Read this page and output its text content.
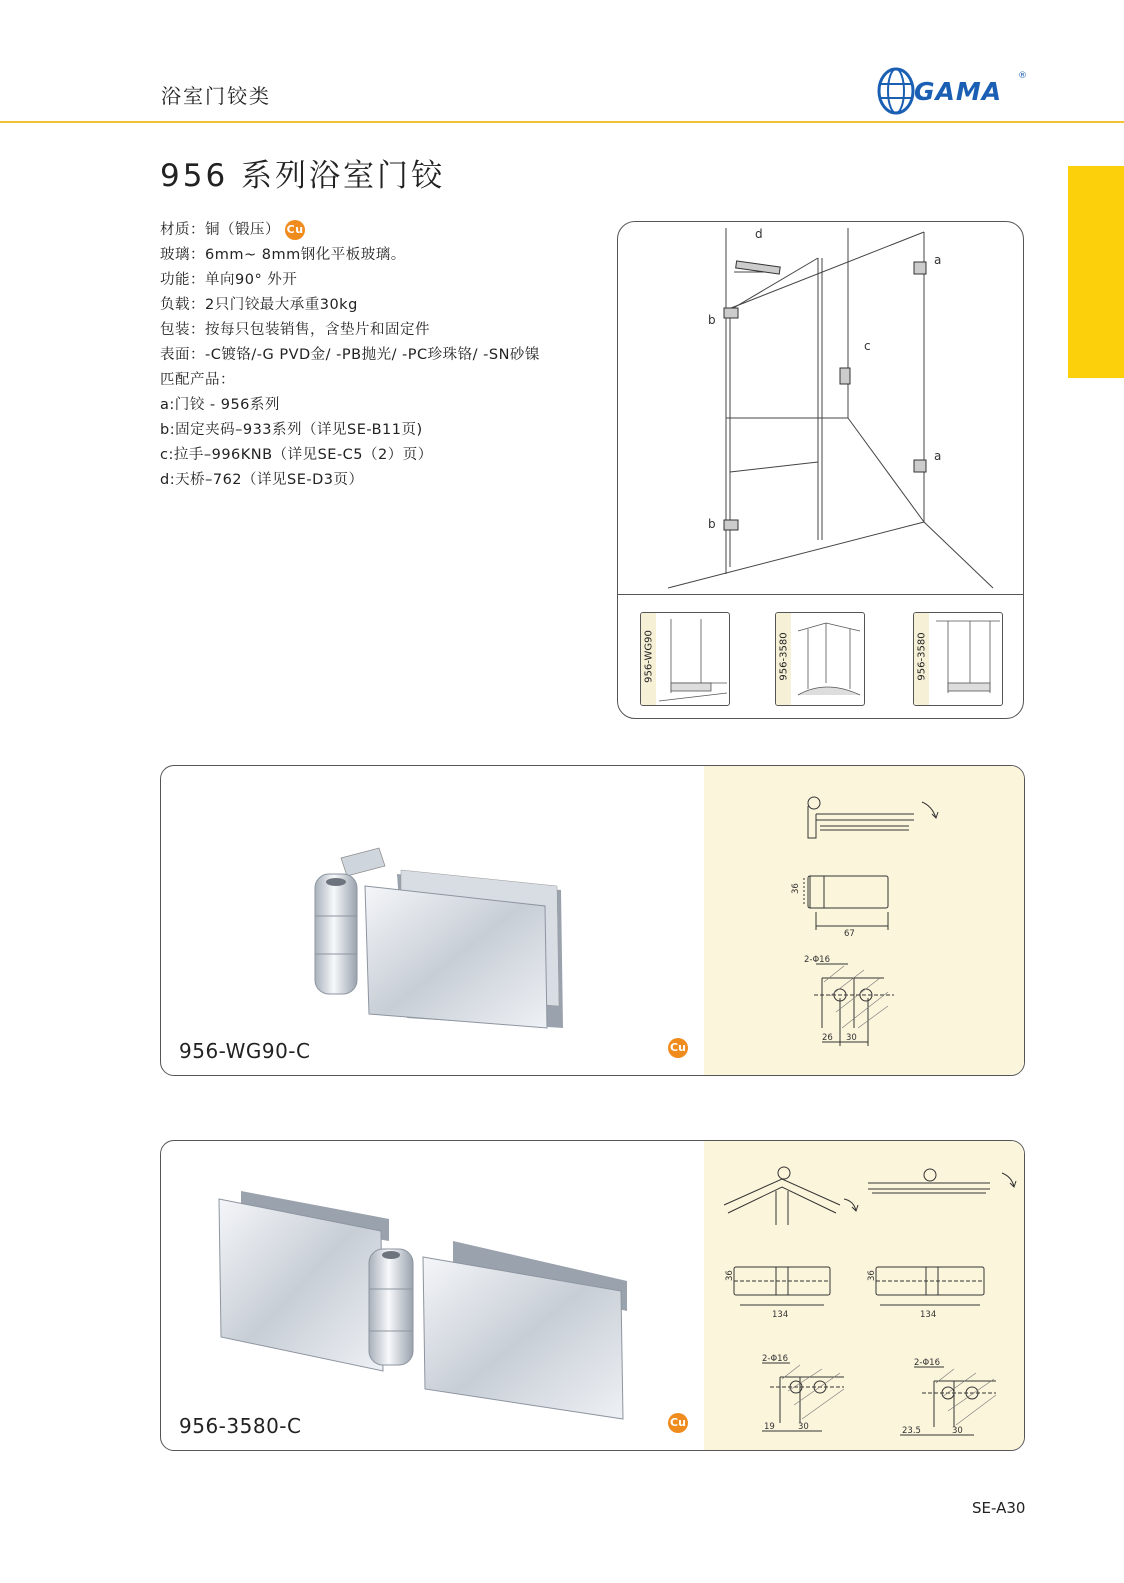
浴室门铰类	GAMA
®
956 系列浴室门铰
材质：铜（锻压） Cu
玻璃：6mm~ 8mm钢化平板玻璃。
功能：单向90° 外开
负载：2只门铰最大承重30kg
包装：按每只包装销售，含垫片和固定件
表面：-C镀铬/-G PVD金/ -PB抛光/ -PC珍珠铬/ -SN砂镍
匹配产品：
a:门铰 - 956系列
b:固定夹码–933系列（详见SE-B11页)
c:拉手–996KNB（详见SE-C5（2）页）
d:天桥–762（详见SE-D3页）
d
a
b
c
a
b
956-WG90	956-3580	956-3580
956-WG90-C	Cu
36
67
2-Φ16
26 30
956-3580-C	Cu
36
134
36
134
2-Φ16
19	30
2-Φ16
23.5	30
SE-A30
